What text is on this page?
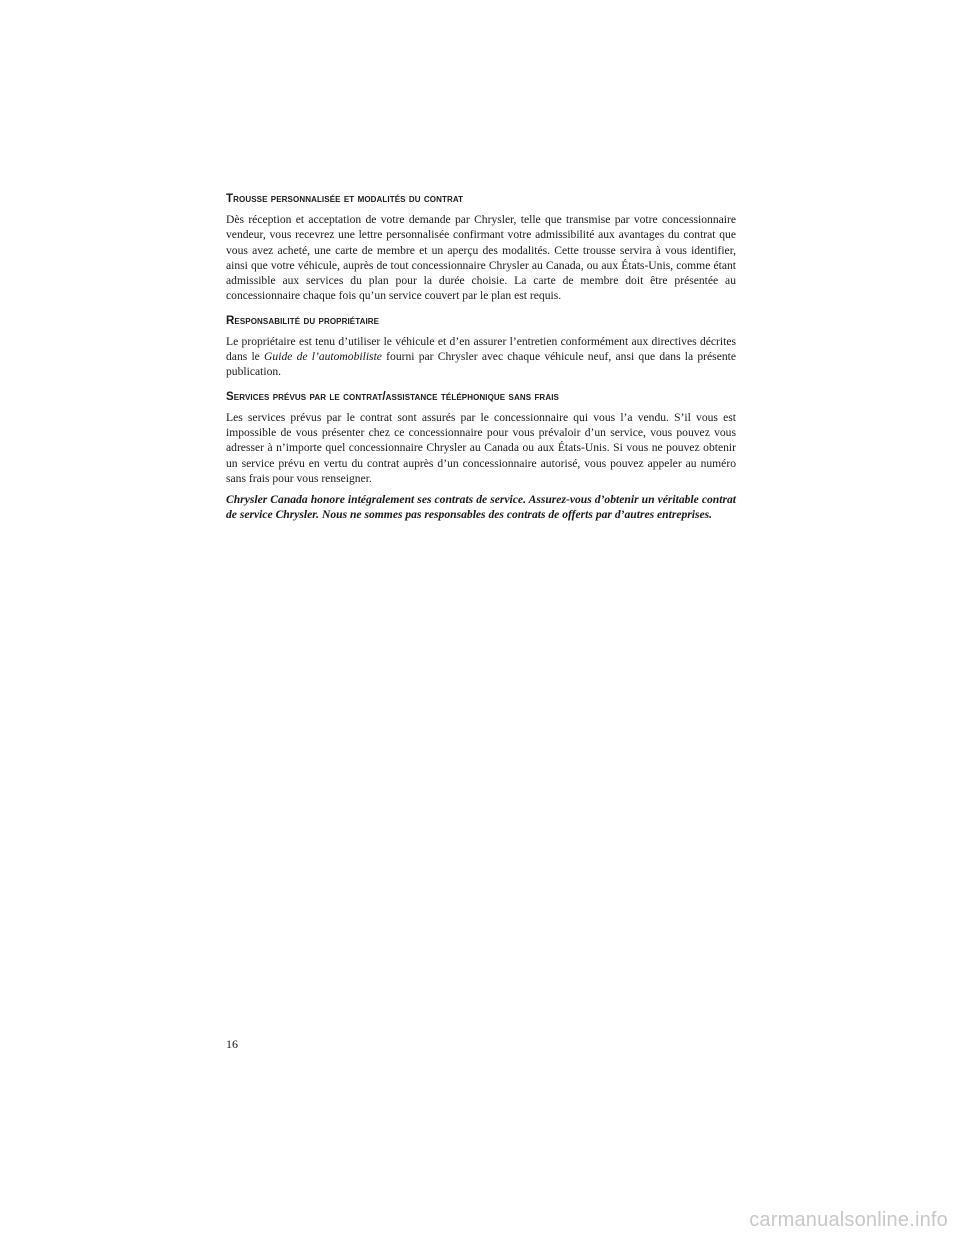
Trousse personnalisée et modalités du contrat

Dès réception et acceptation de votre demande par Chrysler, telle que transmise par votre concessionnaire vendeur, vous recevrez une lettre personnalisée confirmant votre admissibilité aux avantages du contrat que vous avez acheté, une carte de membre et un aperçu des modalités. Cette trousse servira à vous identifier, ainsi que votre véhicule, auprès de tout concessionnaire Chrysler au Canada, ou aux États-Unis, comme étant admissible aux services du plan pour la durée choisie. La carte de membre doit être présentée au concessionnaire chaque fois qu’un service couvert par le plan est requis.

Responsabilité du propriétaire

Le propriétaire est tenu d’utiliser le véhicule et d’en assurer l’entretien conformément aux directives décrites dans le Guide de l’automobiliste fourni par Chrysler avec chaque véhicule neuf, ansi que dans la présente publication.

Services prévus par le contrat/assistance téléphonique sans frais

Les services prévus par le contrat sont assurés par le concessionnaire qui vous l’a vendu. S’il vous est impossible de vous présenter chez ce concessionnaire pour vous prévaloir d’un service, vous pouvez vous adresser à n’importe quel concessionnaire Chrysler au Canada ou aux États-Unis. Si vous ne pouvez obtenir un service prévu en vertu du contrat auprès d’un concessionnaire autorisé, vous pouvez appeler au numéro sans frais pour vous renseigner.

Chrysler Canada honore intégralement ses contrats de service. Assurez-vous d’obtenir un véritable contrat de service Chrysler. Nous ne sommes pas responsables des contrats de offerts par d’autres entreprises.

16
carmanualsonline.info
